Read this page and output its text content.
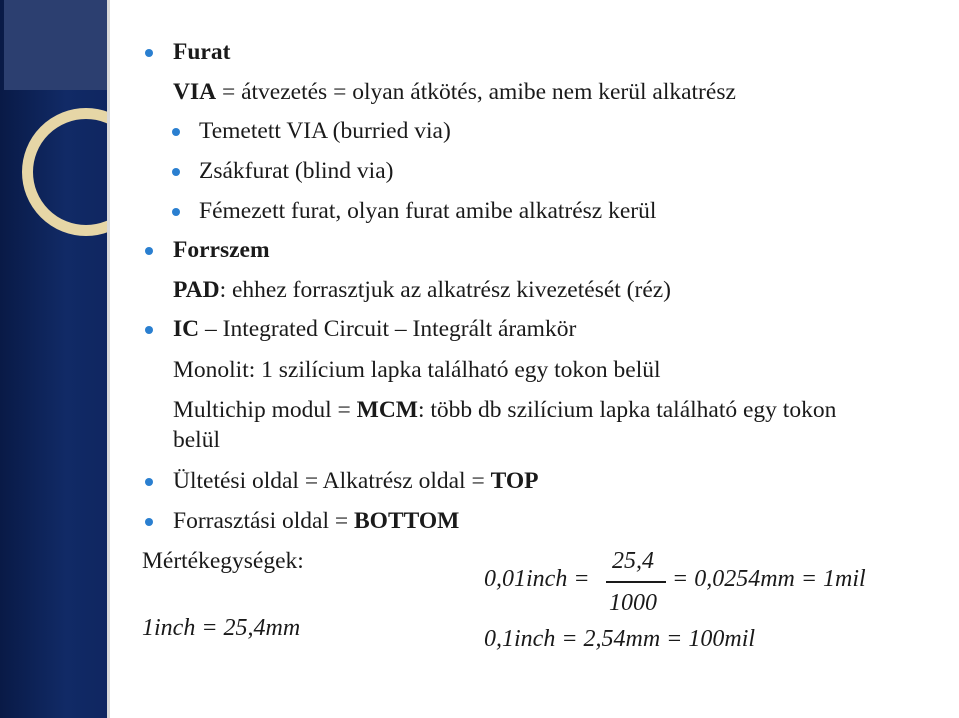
Furat
VIA = átvezetés = olyan átkötés, amibe nem kerül alkatrész
Temetett VIA (burried via)
Zsákfurat (blind via)
Fémezett furat, olyan furat amibe alkatrész kerül
Forrszem
PAD: ehhez forrasztjuk az alkatrész kivezetését (réz)
IC – Integrated Circuit – Integrált áramkör
Monolit: 1 szilícium lapka található egy tokon belül
Multichip modul = MCM: több db szilícium lapka található egy tokon
belül
Ültetési oldal = Alkatrész oldal = TOP
Forrasztási oldal = BOTTOM
Mértékegységek:
1inch = 25,4mm
0,01inch =
25,4
1000
= 0,0254mm = 1mil
0,1inch = 2,54mm = 100mil
